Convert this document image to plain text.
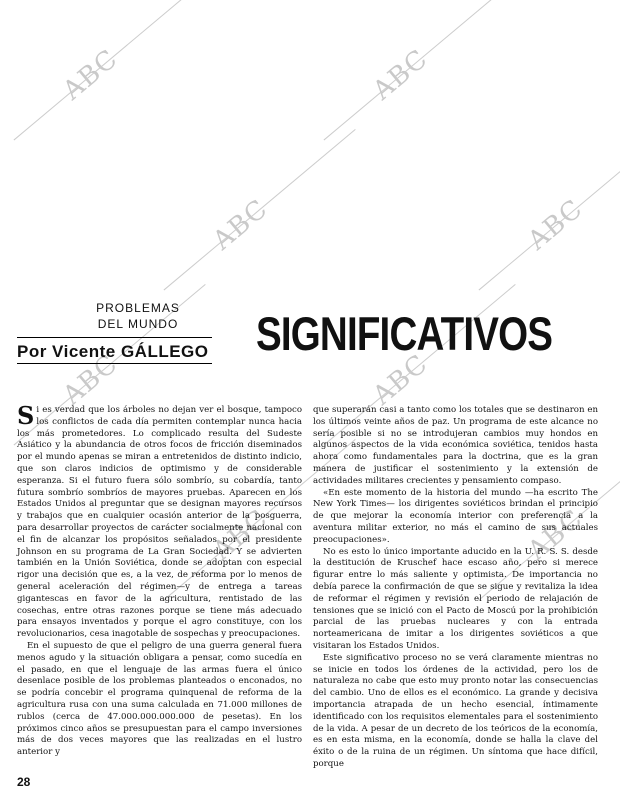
ABC	ABC
ABC	ABC
ABC	ABC
ABC	ABC
PROBLEMAS
DEL MUNDO
Por Vicente GÁLLEGO SIGNIFICATIVOS

Si es verdad que los árboles no dejan ver el bosque, tampoco los conflictos de cada día permiten contemplar nunca hacia los más prometedores. Lo complicado resulta del Sudeste Asiático y la abundancia de otros focos de fricción diseminados por el mundo apenas se miran a entretenidos de distinto indicio, que son claros indicios de optimismo y de considerable esperanza. Si el futuro fuera sólo sombrío, su cobardía, tanto futura sombrío sombríos de mayores pruebas. Aparecen en los Estados Unidos al preguntar que se designan mayores recursos y trabajos que en cualquier ocasión anterior de la posguerra, para desarrollar proyectos de carácter socialmente nacional con el fin de alcanzar los propósitos señalados por el presidente Johnson en su programa de La Gran Sociedad. Y se advierten también en la Unión Soviética, donde se adoptan con especial rigor una decisión que es, a la vez, de reforma por lo menos de general aceleración del régimen—y de entrega a tareas gigantescas en favor de la agricultura, rentistado de las cosechas, entre otras razones porque se tiene más adecuado para ensayos inventados y porque el agro constituye, con los revolucionarios, cesa inagotable de sospechas y preocupaciones.

En el supuesto de que el peligro de una guerra general fuera menos agudo y la situación obligara a pensar, como sucedía en el pasado, en que el lenguaje de las armas fuera el único desenlace posible de los problemas planteados o enconados, no se podría concebir el programa quinquenal de reforma de la agricultura rusa con una suma calculada en 71.000 millones de rublos (cerca de 47.000.000.000.000 de pesetas). En los próximos cinco años se presupuestan para el campo inversiones más de dos veces mayores que las realizadas en el lustro anterior y

que superarán casi a tanto como los totales que se destinaron en los últimos veinte años de paz. Un programa de este alcance no sería posible si no se introdujeran cambios muy hondos en algunos aspectos de la vida económica soviética, tenidos hasta ahora como fundamentales para la doctrina, que es la gran manera de justificar el sostenimiento y la extensión de actividades militares crecientes y pensamiento compaso.

«En este momento de la historia del mundo —ha escrito The New York Times— los dirigentes soviéticos brindan el principio de que mejorar la economía interior con preferencia a la aventura militar exterior, no más el camino de sus actuales preocupaciones».

No es esto lo único importante aducido en la U. R. S. S. desde la destitución de Kruschef hace escaso año, pero si merece figurar entre lo más saliente y optimista. De importancia no debía parece la confirmación de que se sigue y revitaliza la idea de reformar el régimen y revisión el periodo de relajación de tensiones que se inició con el Pacto de Moscú por la prohibición parcial de las pruebas nucleares y con la entrada norteamericana de imitar a los dirigentes soviéticos a que visitaran los Estados Unidos.

Este significativo proceso no se verá claramente mientras no se inicie en todos los órdenes de la actividad, pero los de naturaleza no cabe que esto muy pronto notar las consecuencias del cambio. Uno de ellos es el económico. La grande y decisiva importancia atrapada de un hecho esencial, íntimamente identificado con los requisitos elementales para el sostenimiento de la vida. A pesar de un decreto de los teóricos de la economía, es en esta misma, en la economía, donde se halla la clave del éxito o de la ruina de un régimen. Un síntoma que hace difícil, porque

28
